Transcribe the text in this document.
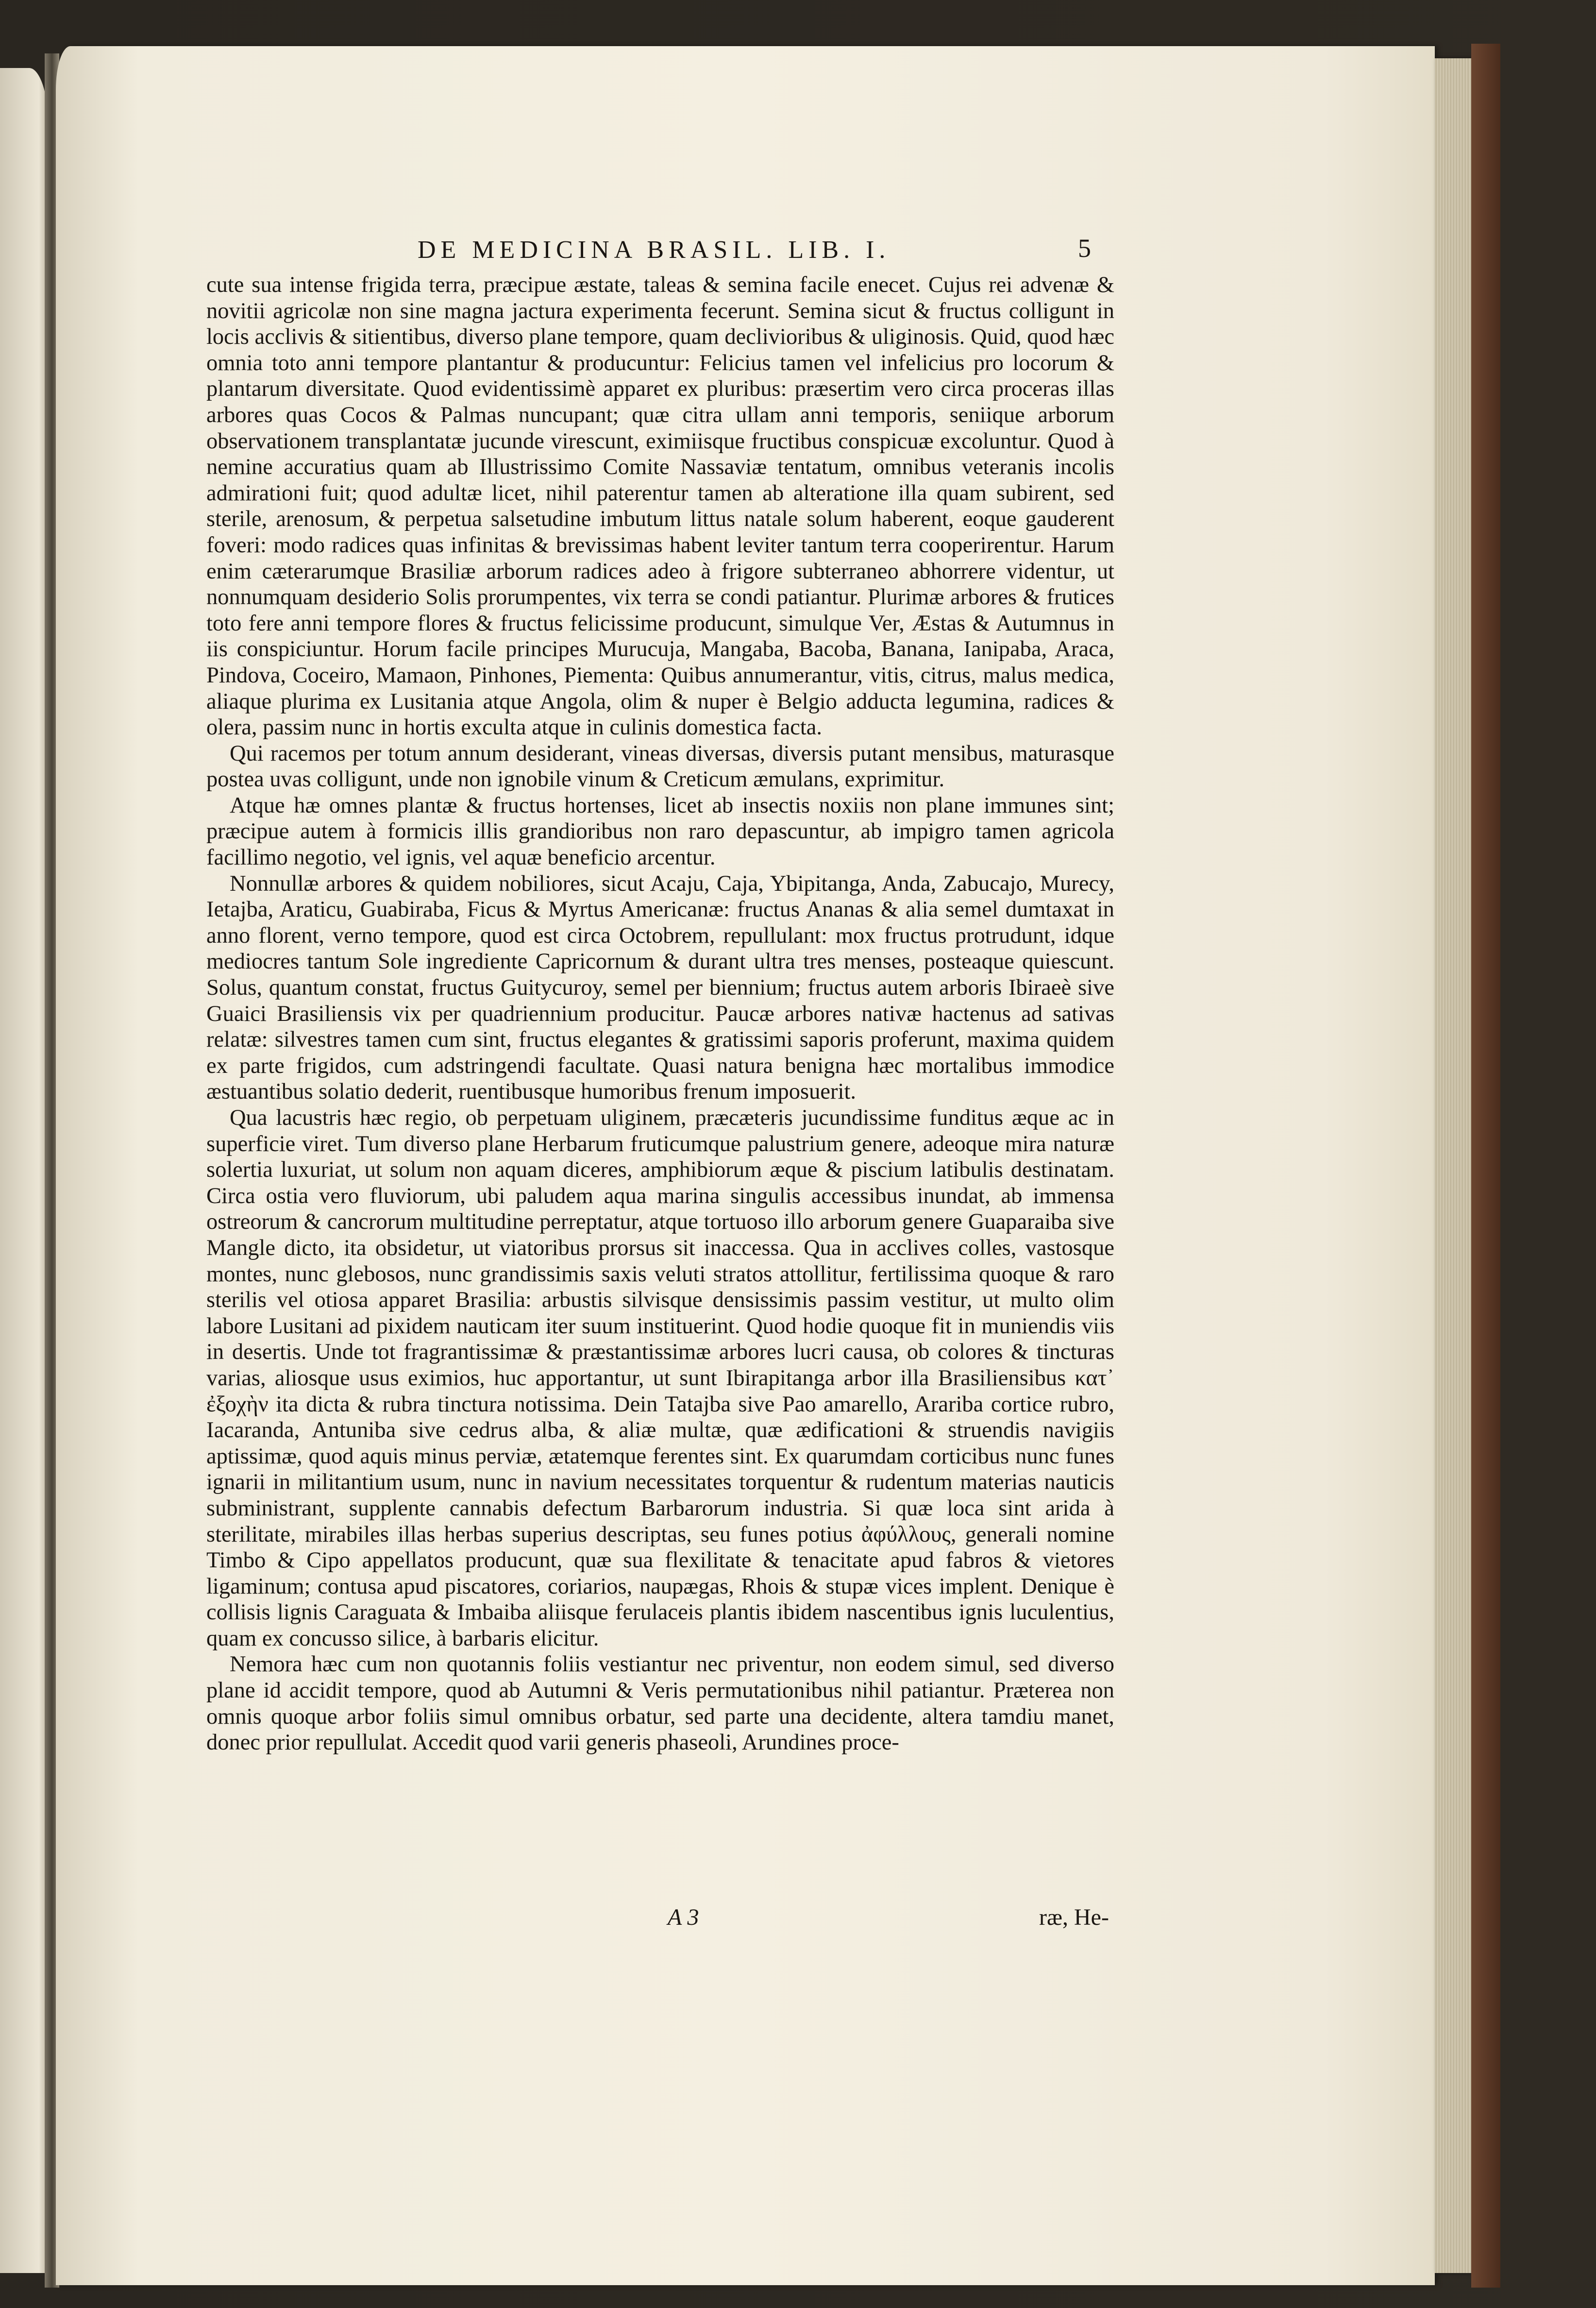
DE MEDICINA BRASIL. LIB. I.	5

cute sua intense frigida terra, præcipue æstate, taleas & semina facile enecet. Cujus rei advenæ & novitii agricolæ non sine magna jactura experimenta fecerunt. Semina sicut & fructus colligunt in locis acclivis & sitientibus, diverso plane tempore, quam declivioribus & uliginosis. Quid, quod hæc omnia toto anni tempore plantantur & producuntur: Felicius tamen vel infelicius pro locorum & plantarum diversitate. Quod evidentissimè apparet ex pluribus: præsertim vero circa proceras illas arbores quas Cocos & Palmas nuncupant; quæ citra ullam anni temporis, seniique arborum observationem transplantatæ jucunde virescunt, eximiisque fructibus conspicuæ excoluntur. Quod à nemine accuratius quam ab Illustrissimo Comite Nassaviæ tentatum, omnibus veteranis incolis admirationi fuit; quod adultæ licet, nihil paterentur tamen ab alteratione illa quam subirent, sed sterile, arenosum, & perpetua salsetudine imbutum littus natale solum haberent, eoque gauderent foveri: modo radices quas infinitas & brevissimas habent leviter tantum terra cooperirentur. Harum enim cæterarumque Brasiliæ arborum radices adeo à frigore subterraneo abhorrere videntur, ut nonnumquam desiderio Solis prorumpentes, vix terra se condi patiantur. Plurimæ arbores & frutices toto fere anni tempore flores & fructus felicissime producunt, simulque Ver, Æstas & Autumnus in iis conspiciuntur. Horum facile principes Murucuja, Mangaba, Bacoba, Banana, Ianipaba, Araca, Pindova, Coceiro, Mamaon, Pinhones, Piementa: Quibus annumerantur, vitis, citrus, malus medica, aliaque plurima ex Lusitania atque Angola, olim & nuper è Belgio adducta legumina, radices & olera, passim nunc in hortis exculta atque in culinis domestica facta.

Qui racemos per totum annum desiderant, vineas diversas, diversis putant mensibus, maturasque postea uvas colligunt, unde non ignobile vinum & Creticum æmulans, exprimitur.

Atque hæ omnes plantæ & fructus hortenses, licet ab insectis noxiis non plane immunes sint; præcipue autem à formicis illis grandioribus non raro depascuntur, ab impigro tamen agricola facillimo negotio, vel ignis, vel aquæ beneficio arcentur.

Nonnullæ arbores & quidem nobiliores, sicut Acaju, Caja, Ybipitanga, Anda, Zabucajo, Murecy, Ietajba, Araticu, Guabiraba, Ficus & Myrtus Americanæ: fructus Ananas & alia semel dumtaxat in anno florent, verno tempore, quod est circa Octobrem, repullulant: mox fructus protrudunt, idque mediocres tantum Sole ingrediente Capricornum & durant ultra tres menses, posteaque quiescunt. Solus, quantum constat, fructus Guitycuroy, semel per biennium; fructus autem arboris Ibiraeè sive Guaici Brasiliensis vix per quadriennium producitur. Paucæ arbores nativæ hactenus ad sativas relatæ: silvestres tamen cum sint, fructus elegantes & gratissimi saporis proferunt, maxima quidem ex parte frigidos, cum adstringendi facultate. Quasi natura benigna hæc mortalibus immodice æstuantibus solatio dederit, ruentibusque humoribus frenum imposuerit.

Qua lacustris hæc regio, ob perpetuam uliginem, præcæteris jucundissime funditus æque ac in superficie viret. Tum diverso plane Herbarum fruticumque palustrium genere, adeoque mira naturæ solertia luxuriat, ut solum non aquam diceres, amphibiorum æque & piscium latibulis destinatam. Circa ostia vero fluviorum, ubi paludem aqua marina singulis accessibus inundat, ab immensa ostreorum & cancrorum multitudine perreptatur, atque tortuoso illo arborum genere Guaparaiba sive Mangle dicto, ita obsidetur, ut viatoribus prorsus sit inaccessa. Qua in acclives colles, vastosque montes, nunc glebosos, nunc grandissimis saxis veluti stratos attollitur, fertilissima quoque & raro sterilis vel otiosa apparet Brasilia: arbustis silvisque densissimis passim vestitur, ut multo olim labore Lusitani ad pixidem nauticam iter suum instituerint. Quod hodie quoque fit in muniendis viis in desertis. Unde tot fragrantissimæ & præstantissimæ arbores lucri causa, ob colores & tincturas varias, aliosque usus eximios, huc apportantur, ut sunt Ibirapitanga arbor illa Brasiliensibus κατ᾽ ἐξοχὴν ita dicta & rubra tinctura notissima. Dein Tatajba sive Pao amarello, Arariba cortice rubro, Iacaranda, Antuniba sive cedrus alba, & aliæ multæ, quæ ædificationi & struendis navigiis aptissimæ, quod aquis minus perviæ, ætatemque ferentes sint. Ex quarumdam corticibus nunc funes ignarii in militantium usum, nunc in navium necessitates torquentur & rudentum materias nauticis subministrant, supplente cannabis defectum Barbarorum industria. Si quæ loca sint arida à sterilitate, mirabiles illas herbas superius descriptas, seu funes potius ἀφύλλους, generali nomine Timbo & Cipo appellatos producunt, quæ sua flexilitate & tenacitate apud fabros & vietores ligaminum; contusa apud piscatores, coriarios, naupægas, Rhois & stupæ vices implent. Denique è collisis lignis Caraguata & Imbaiba aliisque ferulaceis plantis ibidem nascentibus ignis luculentius, quam ex concusso silice, à barbaris elicitur.

Nemora hæc cum non quotannis foliis vestiantur nec priventur, non eodem simul, sed diverso plane id accidit tempore, quod ab Autumni & Veris permutationibus nihil patiantur. Præterea non omnis quoque arbor foliis simul omnibus orbatur, sed parte una decidente, altera tamdiu manet, donec prior repullulat. Accedit quod varii generis phaseoli, Arundines proce-

A 3	ræ, He-
